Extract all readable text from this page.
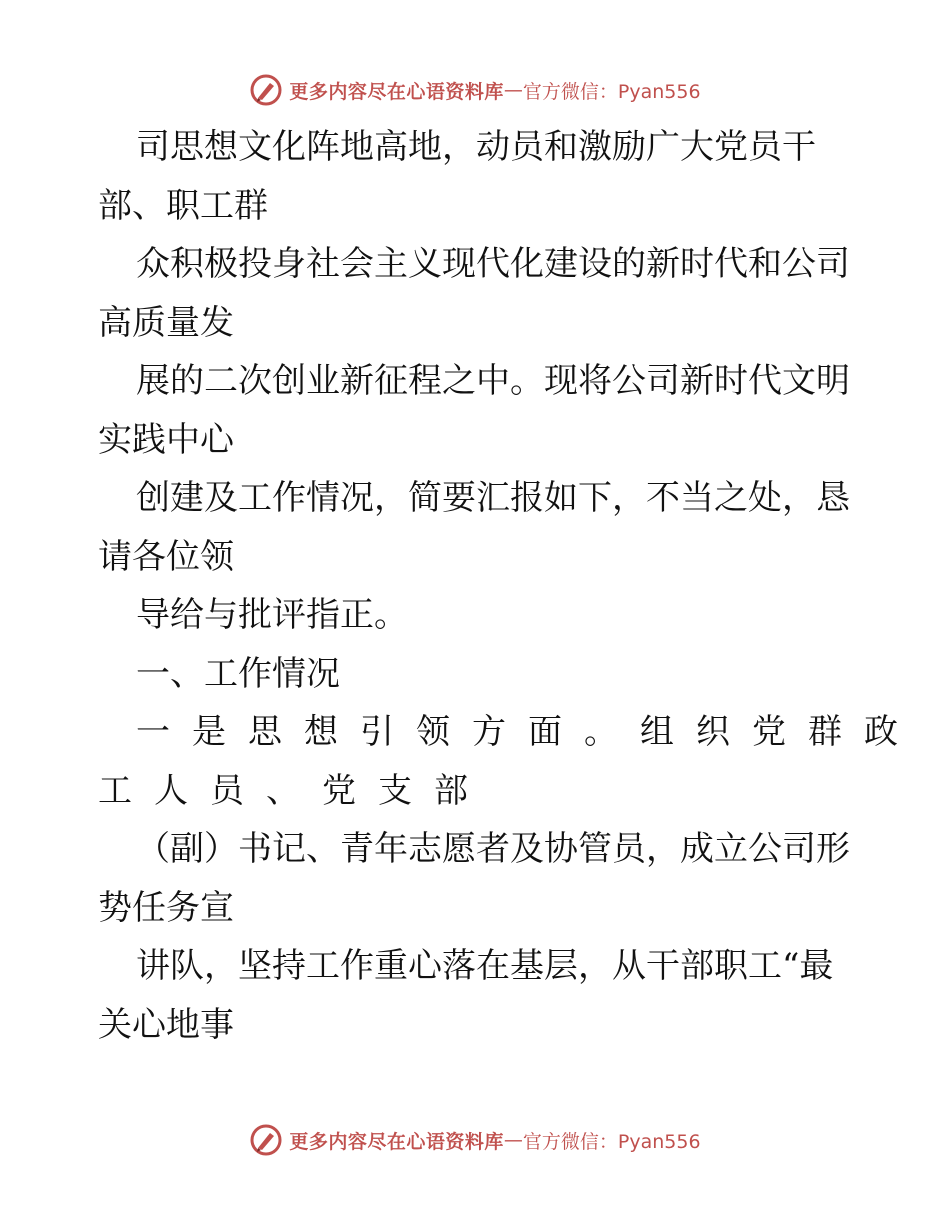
更多内容尽在心语资料库 — 官方微信：Pyan556
司思想文化阵地高地，动员和激励广大党员干
部、职工群
众积极投身社会主义现代化建设的新时代和公司
高质量发
展的二次创业新征程之中。现将公司新时代文明
实践中心
创建及工作情况，简要汇报如下，不当之处，恳
请各位领
导给与批评指正。
一、工作情况
一是思想引领方面。组织党群政
工人员、党支部
（副）书记、青年志愿者及协管员，成立公司形
势任务宣
讲队，坚持工作重心落在基层，从干部职工“最
关心地事
更多内容尽在心语资料库 — 官方微信：Pyan556
